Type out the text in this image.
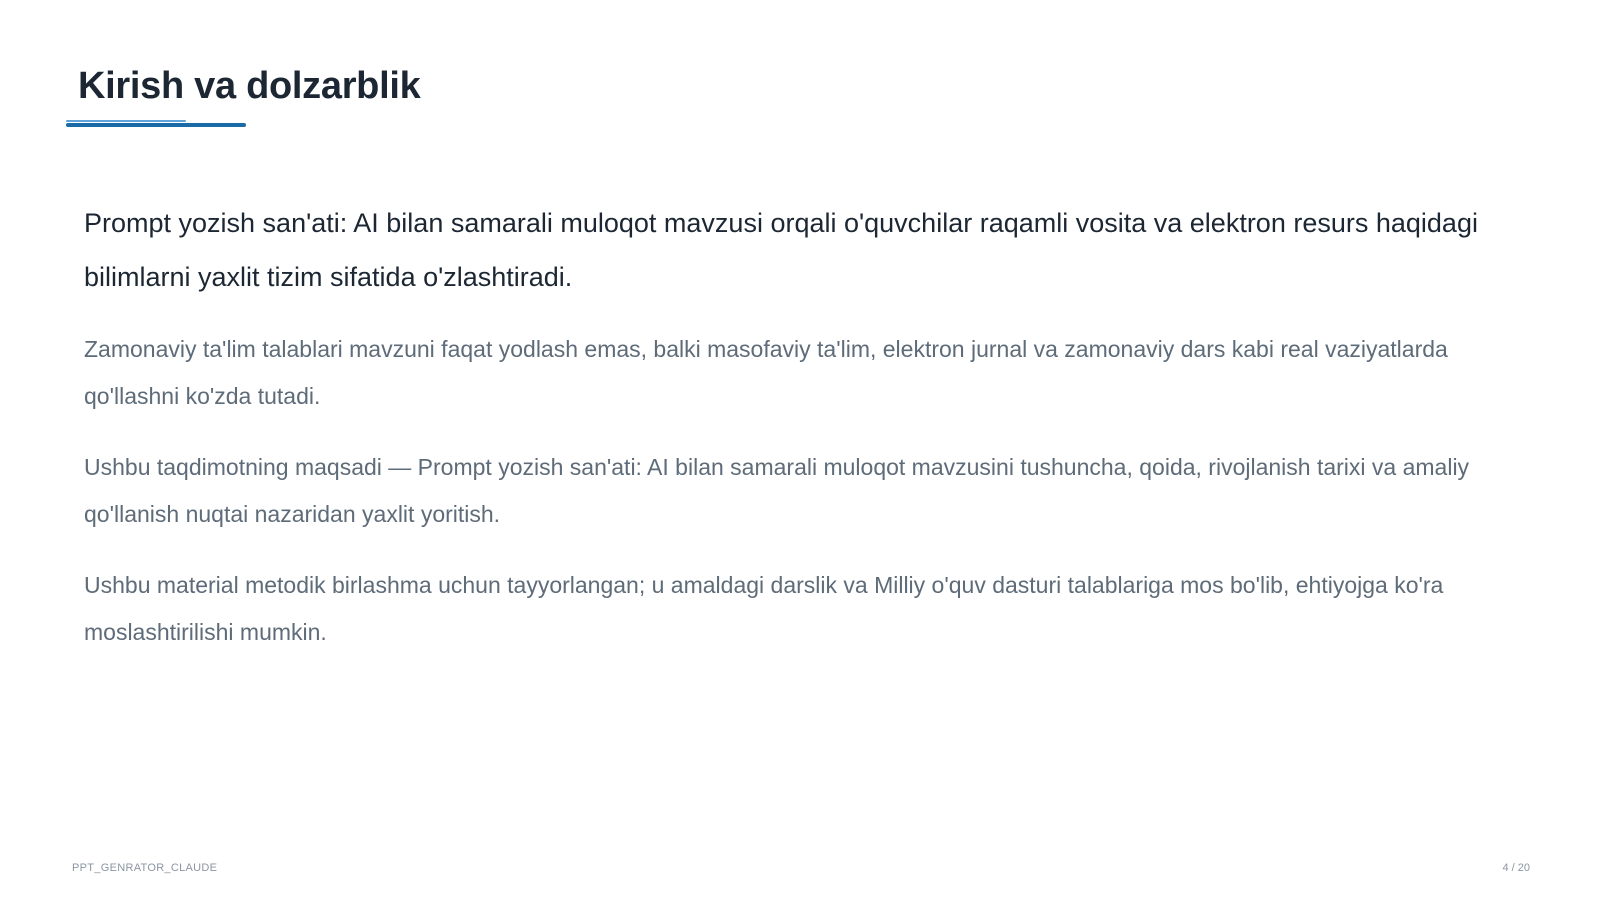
Kirish va dolzarblik

Prompt yozish san'ati: AI bilan samarali muloqot mavzusi orqali o'quvchilar raqamli vosita va elektron resurs haqidagi bilimlarni yaxlit tizim sifatida o'zlashtiradi.

Zamonaviy ta'lim talablari mavzuni faqat yodlash emas, balki masofaviy ta'lim, elektron jurnal va zamonaviy dars kabi real vaziyatlarda qo'llashni ko'zda tutadi.

Ushbu taqdimotning maqsadi — Prompt yozish san'ati: AI bilan samarali muloqot mavzusini tushuncha, qoida, rivojlanish tarixi va amaliy qo'llanish nuqtai nazaridan yaxlit yoritish.

Ushbu material metodik birlashma uchun tayyorlangan; u amaldagi darslik va Milliy o'quv dasturi talablariga mos bo'lib, ehtiyojga ko'ra moslashtirilishi mumkin.

PPT_GENRATOR_CLAUDE	4 / 20
